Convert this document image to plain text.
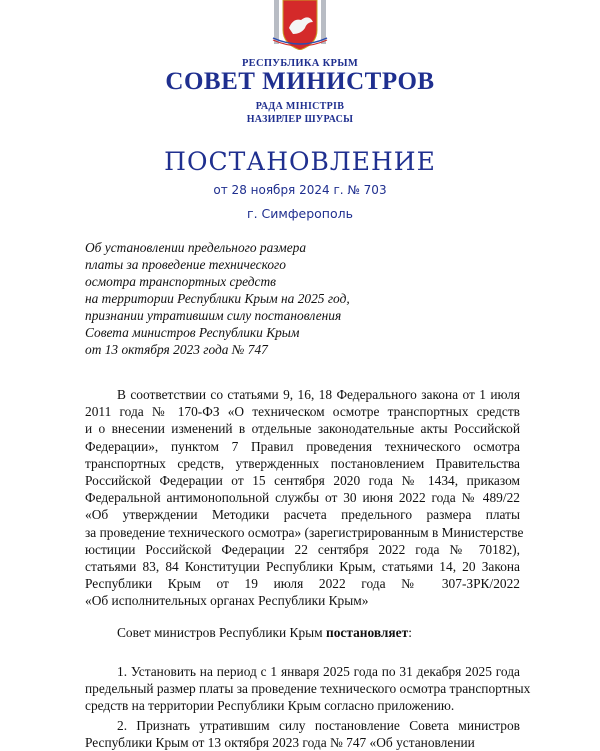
РЕСПУБЛИКА КРЫМ
СОВЕТ МИНИСТРОВ
РАДА МІНІСТРІВ
НАЗИРЛЕР ШУРАСЫ
ПОСТАНОВЛЕНИЕ
от 28 ноября 2024 г. № 703
г. Симферополь
Об установлении предельного размера
платы за проведение технического
осмотра транспортных средств
на территории Республики Крым на 2025 год,
признании утратившим силу постановления
Совета министров Республики Крым
от 13 октября 2023 года № 747
В соответствии со статьями 9, 16, 18 Федерального закона от 1 июля
2011 года № 170-ФЗ «О техническом осмотре транспортных средств
и о внесении изменений в отдельные законодательные акты Российской
Федерации», пунктом 7 Правил проведения технического осмотра
транспортных средств, утвержденных постановлением Правительства
Российской Федерации от 15 сентября 2020 года № 1434, приказом
Федеральной антимонопольной службы от 30 июня 2022 года № 489/22
«Об утверждении Методики расчета предельного размера платы
за проведение технического осмотра» (зарегистрированным в Министерстве
юстиции Российской Федерации 22 сентября 2022 года № 70182),
статьями 83, 84 Конституции Республики Крым, статьями 14, 20 Закона
Республики Крым от 19 июля 2022 года № 307-ЗРК/2022
«Об исполнительных органах Республики Крым»
Совет министров Республики Крым постановляет:
1. Установить на период с 1 января 2025 года по 31 декабря 2025 года
предельный размер платы за проведение технического осмотра транспортных
средств на территории Республики Крым согласно приложению.
2. Признать утратившим силу постановление Совета министров
Республики Крым от 13 октября 2023 года № 747 «Об установлении
